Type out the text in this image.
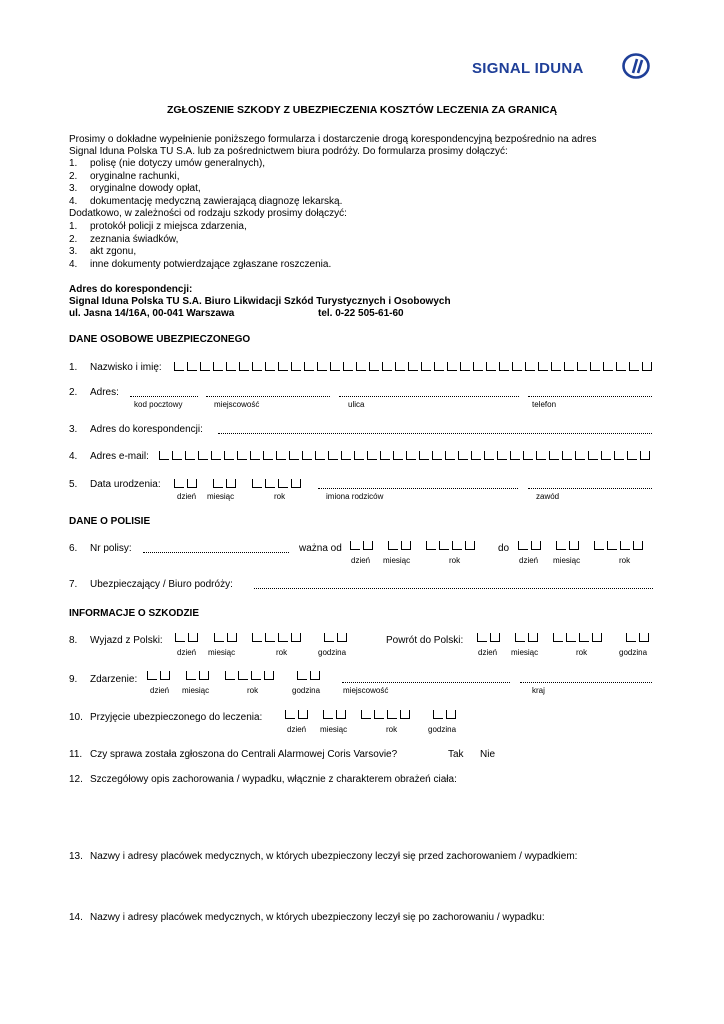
SIGNAL IDUNA
ZGŁOSZENIE SZKODY Z UBEZPIECZENIA KOSZTÓW LECZENIA ZA GRANICĄ
Prosimy o dokładne wypełnienie poniższego formularza i dostarczenie drogą korespondencyjną bezpośrednio na adres
Signal Iduna Polska TU S.A. lub za pośrednictwem biura podróży. Do formularza prosimy dołączyć:
1. polisę (nie dotyczy umów generalnych),
2. oryginalne rachunki,
3. oryginalne dowody opłat,
4. dokumentację medyczną zawierającą diagnozę lekarską.
Dodatkowo, w zależności od rodzaju szkody prosimy dołączyć:
1. protokół policji z miejsca zdarzenia,
2. zeznania świadków,
3. akt zgonu,
4. inne dokumenty potwierdzające zgłaszane roszczenia.
Adres do korespondencji:
Signal Iduna Polska TU S.A. Biuro Likwidacji Szkód Turystycznych i Osobowych
ul. Jasna 14/16A, 00-041 Warszawa	tel. 0-22 505-61-60
DANE OSOBOWE UBEZPIECZONEGO
1. Nazwisko i imię:
2. Adres:
kod pocztowy	miejscowość	ulica	telefon
3. Adres do korespondencji:
4. Adres e-mail:
5. Data urodzenia:
dzień miesiąc	rok	imiona rodziców	zawód
DANE O POLISIE
6. Nr polisy:	ważna od	do
dzień miesiąc	rok	dzień miesiąc	rok
7. Ubezpieczający / Biuro podróży:
INFORMACJE O SZKODZIE
8. Wyjazd z Polski:	Powrót do Polski:
dzień miesiąc	rok	godzina	dzień miesiąc	rok	godzina
9. Zdarzenie:
dzień miesiąc	rok	godzina	miejscowość	kraj
10. Przyjęcie ubezpieczonego do leczenia:
dzień miesiąc	rok	godzina
11. Czy sprawa została zgłoszona do Centrali Alarmowej Coris Varsovie?	Tak Nie
12. Szczegółowy opis zachorowania / wypadku, włącznie z charakterem obrażeń ciała:
13. Nazwy i adresy placówek medycznych, w których ubezpieczony leczył się przed zachorowaniem / wypadkiem:
14. Nazwy i adresy placówek medycznych, w których ubezpieczony leczył się po zachorowaniu / wypadku:
